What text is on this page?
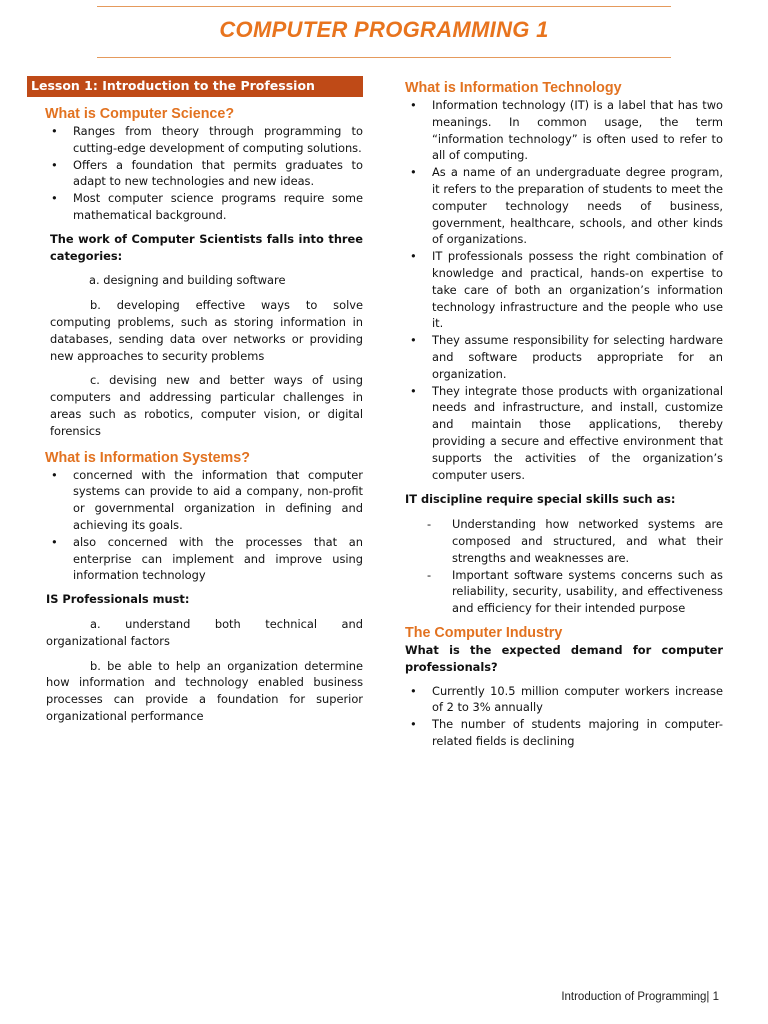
COMPUTER PROGRAMMING 1
Lesson 1: Introduction to the Profession
What is Computer Science?
• Ranges from theory through programming to cutting-edge development of computing solutions.
• Offers a foundation that permits graduates to adapt to new technologies and new ideas.
• Most computer science programs require some mathematical background.
The work of Computer Scientists falls into three categories:
a. designing and building software
b. developing effective ways to solve computing problems, such as storing information in databases, sending data over networks or providing new approaches to security problems
c. devising new and better ways of using computers and addressing particular challenges in areas such as robotics, computer vision, or digital forensics
What is Information Systems?
• concerned with the information that computer systems can provide to aid a company, non-profit or governmental organization in defining and achieving its goals.
• also concerned with the processes that an enterprise can implement and improve using information technology
IS Professionals must:
a. understand both technical and organizational factors
b. be able to help an organization determine how information and technology enabled business processes can provide a foundation for superior organizational performance
What is Information Technology
• Information technology (IT) is a label that has two meanings. In common usage, the term “information technology” is often used to refer to all of computing.
• As a name of an undergraduate degree program, it refers to the preparation of students to meet the computer technology needs of business, government, healthcare, schools, and other kinds of organizations.
• IT professionals possess the right combination of knowledge and practical, hands-on expertise to take care of both an organization’s information technology infrastructure and the people who use it.
• They assume responsibility for selecting hardware and software products appropriate for an organization.
• They integrate those products with organizational needs and infrastructure, and install, customize and maintain those applications, thereby providing a secure and effective environment that supports the activities of the organization’s computer users.
IT discipline require special skills such as:
- Understanding how networked systems are composed and structured, and what their strengths and weaknesses are.
- Important software systems concerns such as reliability, security, usability, and effectiveness and efficiency for their intended purpose
The Computer Industry
What is the expected demand for computer professionals?
• Currently 10.5 million computer workers increase of 2 to 3% annually
• The number of students majoring in computer-related fields is declining
Introduction of Programming| 1
